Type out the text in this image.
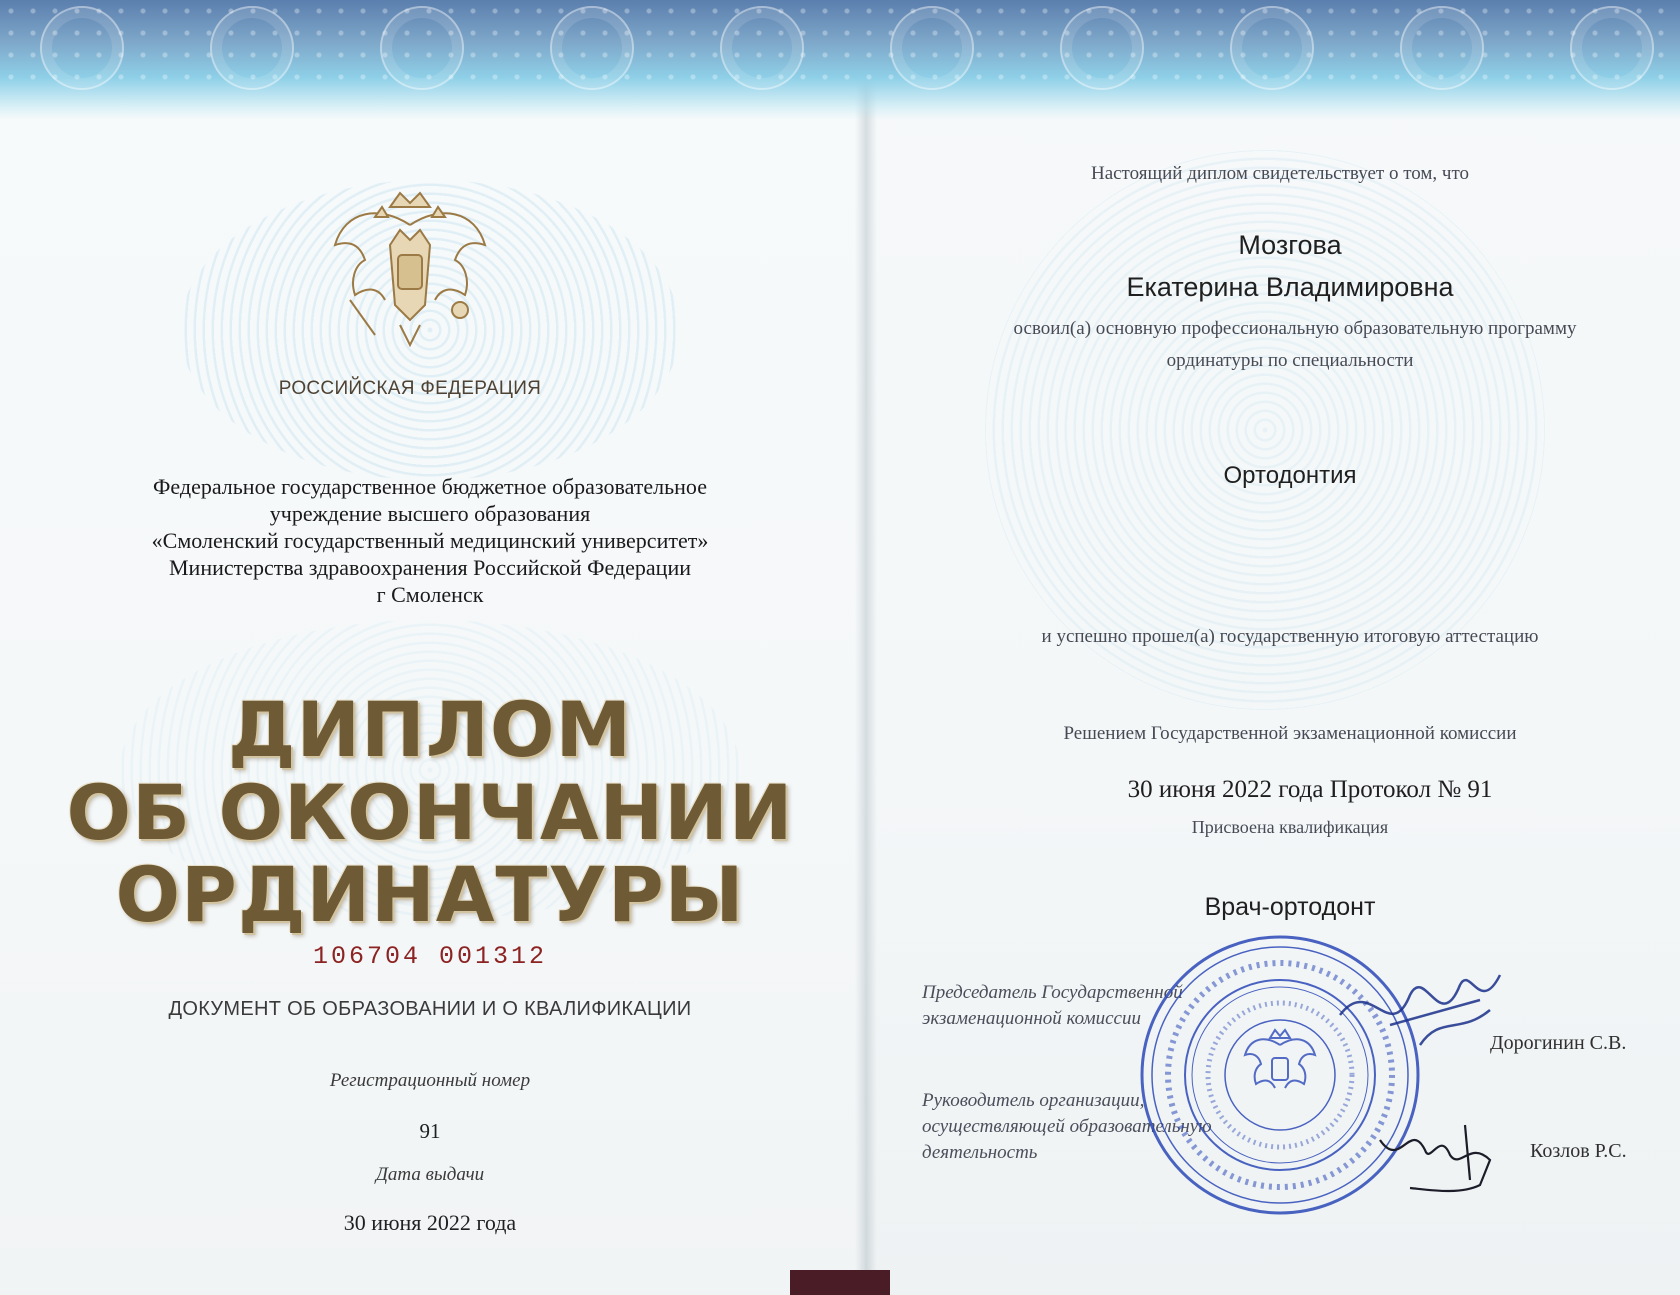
РОССИЙСКАЯ ФЕДЕРАЦИЯ
Федеральное государственное бюджетное образовательное
учреждение высшего образования
«Смоленский государственный медицинский университет»
Министерства здравоохранения Российской Федерации
г Смоленск
ДИПЛОМ
ОБ ОКОНЧАНИИ
ОРДИНАТУРЫ
106704 001312
ДОКУМЕНТ ОБ ОБРАЗОВАНИИ И О КВАЛИФИКАЦИИ
Регистрационный номер
91
Дата выдачи
30 июня 2022 года
Настоящий диплом свидетельствует о том, что
Мозгова
Екатерина Владимировна
освоил(а) основную профессиональную образовательную программу
ординатуры по специальности
Ортодонтия
и успешно прошел(а) государственную итоговую аттестацию
Решением Государственной экзаменационной комиссии
30 июня 2022 года Протокол № 91
Присвоена квалификация
Врач-ортодонт
Председатель Государственной
экзаменационной комиссии
Дорогинин С.В.
Руководитель организации,
осуществляющей образовательную
деятельность	Козлов Р.С.
